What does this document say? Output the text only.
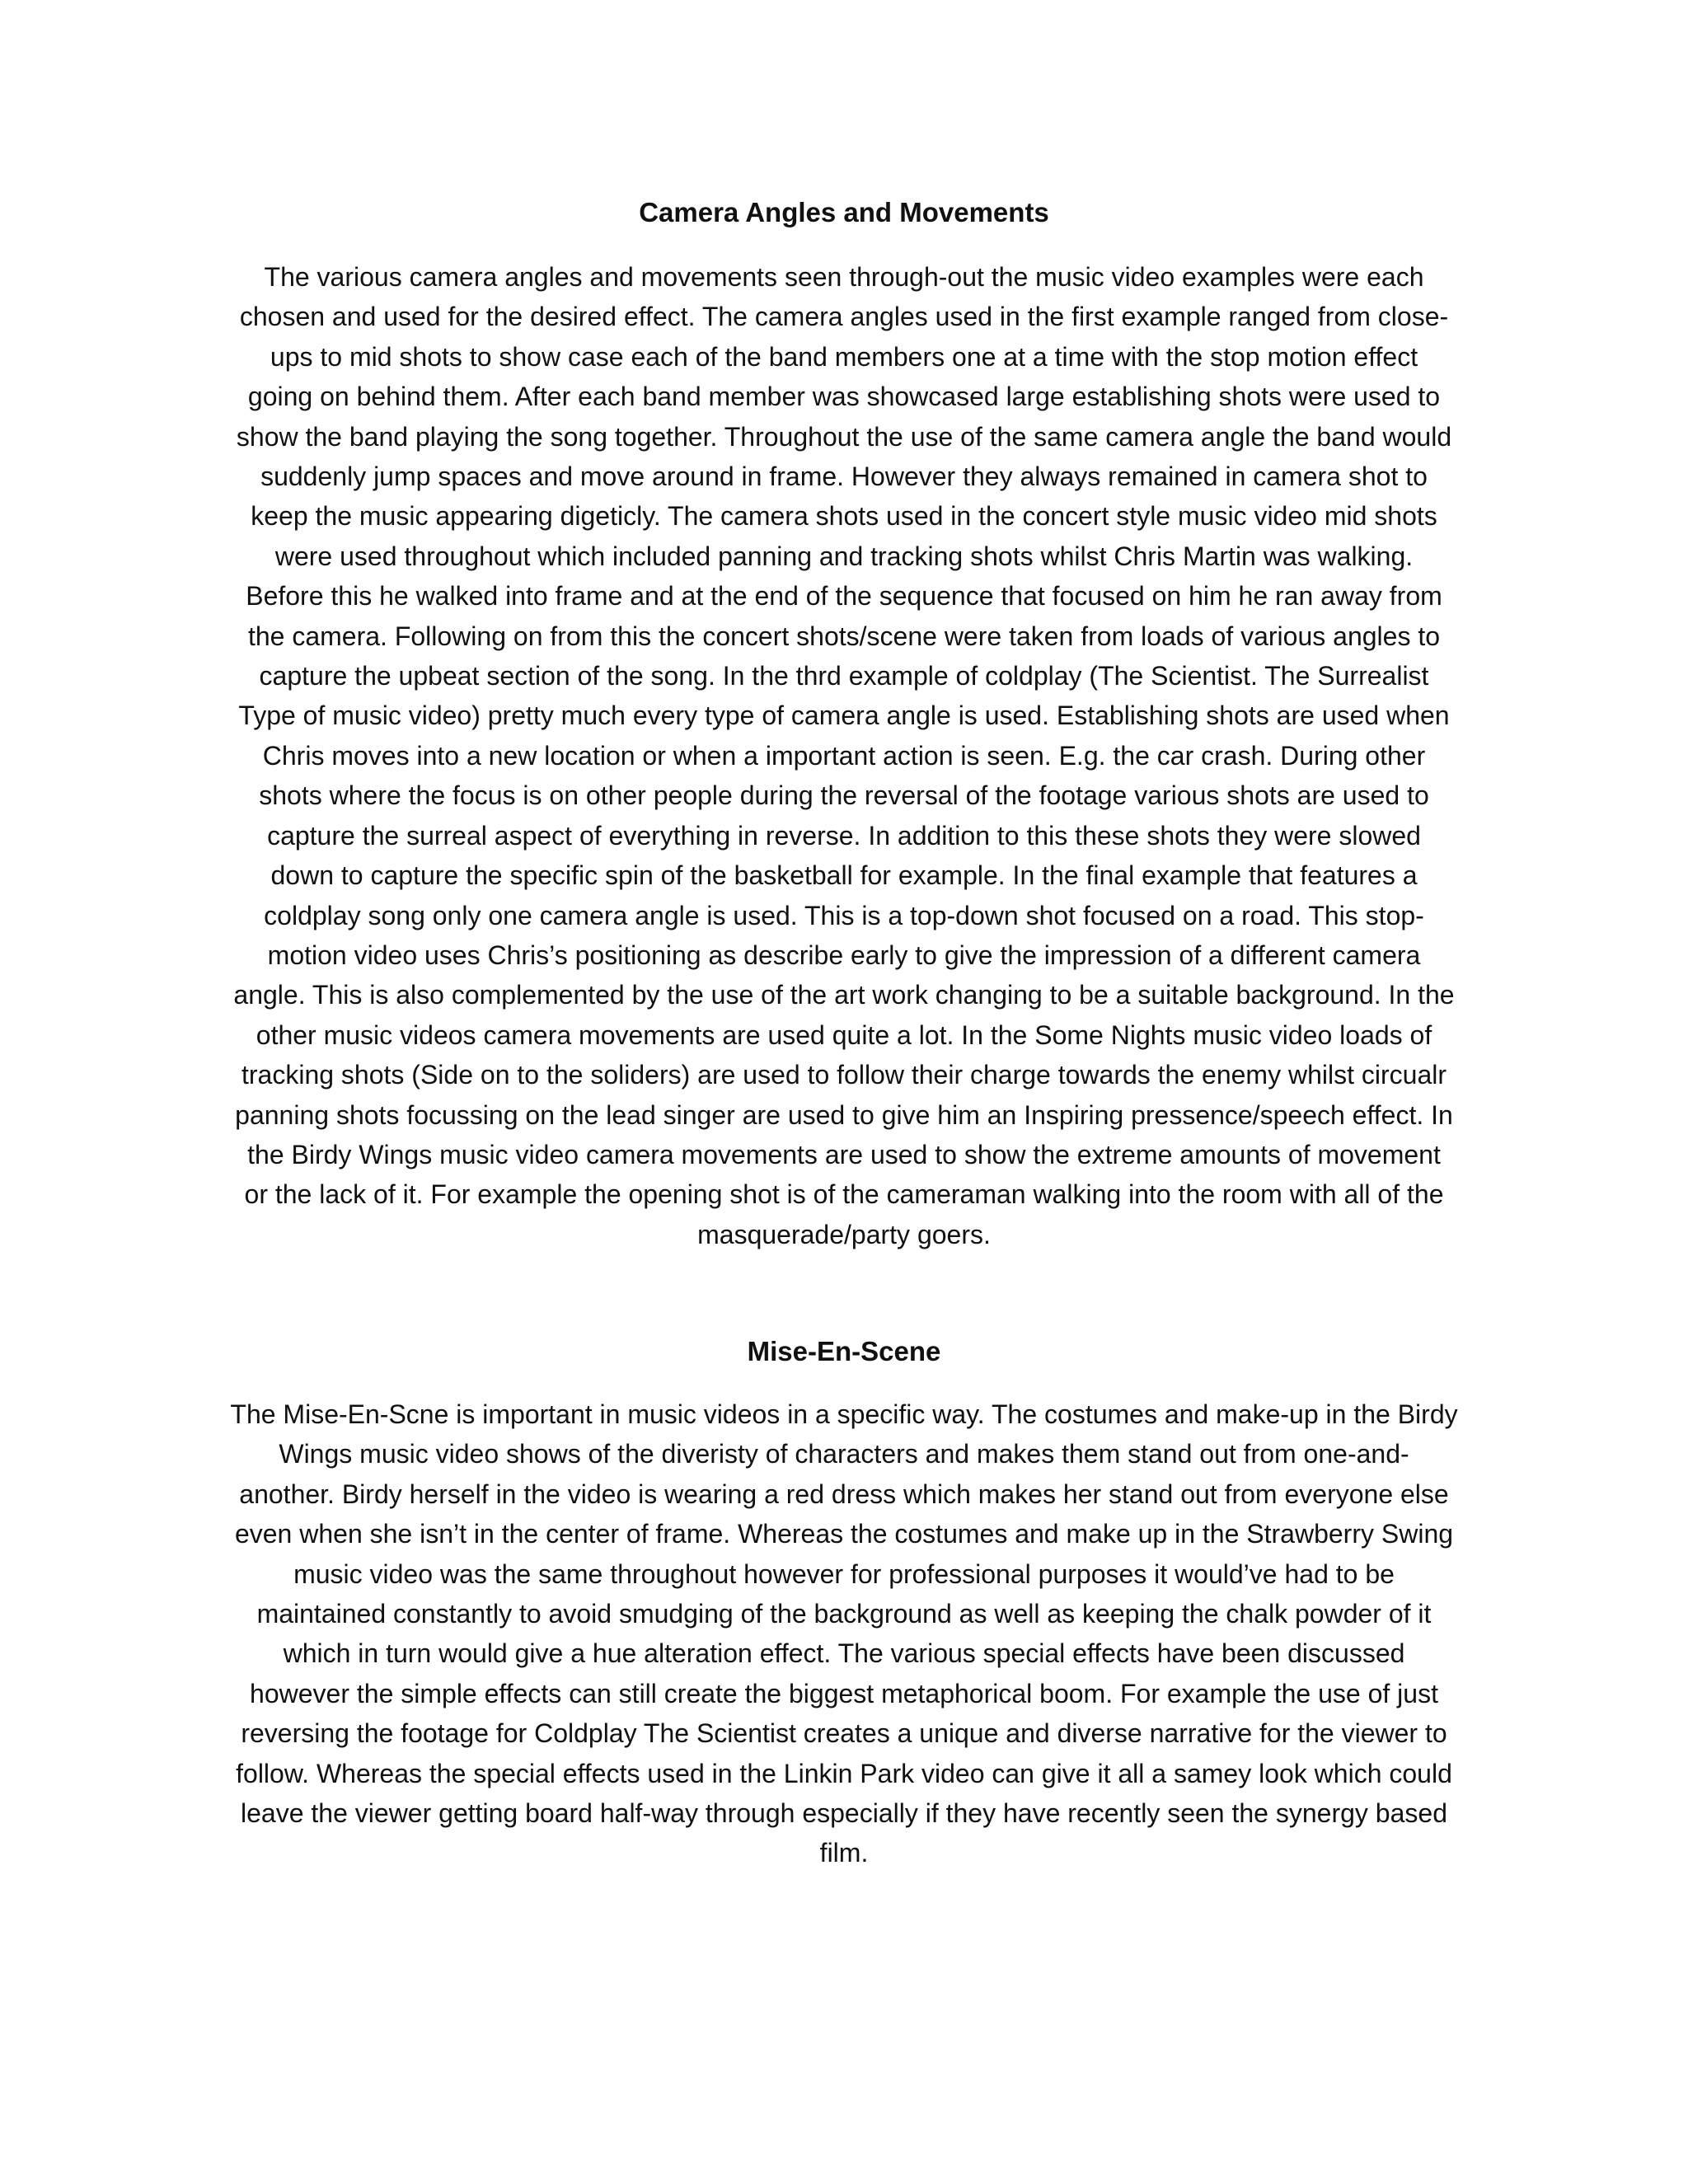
Camera Angles and Movements

The various camera angles and movements seen through-out the music video examples were each
chosen and used for the desired effect. The camera angles used in the first example ranged from close-
ups to mid shots to show case each of the band members one at a time with the stop motion effect
going on behind them. After each band member was showcased large establishing shots were used to
show the band playing the song together. Throughout the use of the same camera angle the band would
suddenly jump spaces and move around in frame. However they always remained in camera shot to
keep the music appearing digeticly. The camera shots used in the concert style music video mid shots
were used throughout which included panning and tracking shots whilst Chris Martin was walking.
Before this he walked into frame and at the end of the sequence that focused on him he ran away from
the camera. Following on from this the concert shots/scene were taken from loads of various angles to
capture the upbeat section of the song. In the thrd example of coldplay (The Scientist. The Surrealist
Type of music video) pretty much every type of camera angle is used. Establishing shots are used when
Chris moves into a new location or when a important action is seen. E.g. the car crash. During other
shots where the focus is on other people during the reversal of the footage various shots are used to
capture the surreal aspect of everything in reverse. In addition to this these shots they were slowed
down to capture the specific spin of the basketball for example. In the final example that features a
coldplay song only one camera angle is used. This is a top-down shot focused on a road. This stop-
motion video uses Chris’s positioning as describe early to give the impression of a different camera
angle. This is also complemented by the use of the art work changing to be a suitable background. In the
other music videos camera movements are used quite a lot. In the Some Nights music video loads of
tracking shots (Side on to the soliders) are used to follow their charge towards the enemy whilst circualr
panning shots focussing on the lead singer are used to give him an Inspiring pressence/speech effect. In
the Birdy Wings music video camera movements are used to show the extreme amounts of movement
or the lack of it. For example the opening shot is of the cameraman walking into the room with all of the
masquerade/party goers.

Mise-En-Scene

The Mise-En-Scne is important in music videos in a specific way. The costumes and make-up in the Birdy
Wings music video shows of the diveristy of characters and makes them stand out from one-and-
another. Birdy herself in the video is wearing a red dress which makes her stand out from everyone else
even when she isn’t in the center of frame. Whereas the costumes and make up in the Strawberry Swing
music video was the same throughout however for professional purposes it would’ve had to be
maintained constantly to avoid smudging of the background as well as keeping the chalk powder of it
which in turn would give a hue alteration effect. The various special effects have been discussed
however the simple effects can still create the biggest metaphorical boom. For example the use of just
reversing the footage for Coldplay The Scientist creates a unique and diverse narrative for the viewer to
follow. Whereas the special effects used in the Linkin Park video can give it all a samey look which could
leave the viewer getting board half-way through especially if they have recently seen the synergy based
film.
